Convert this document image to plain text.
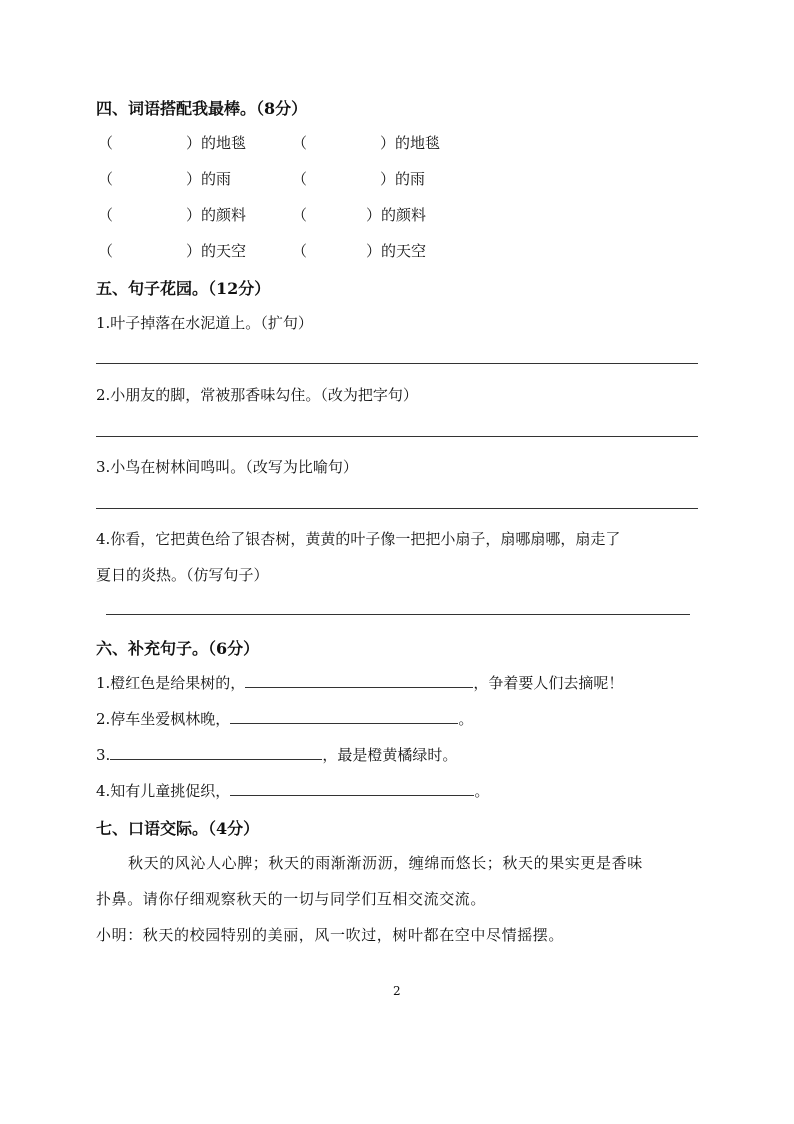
四、词语搭配我最棒。（8分）
（	）的地毯	（	）的地毯
（	）的雨	（	）的雨
（	）的颜料	（	）的颜料
（	）的天空	（	）的天空
五、句子花园。（12分）
1.叶子掉落在水泥道上。（扩句）
2.小朋友的脚，常被那香味勾住。（改为把字句）
3.小鸟在树林间鸣叫。（改写为比喻句）
4.你看，它把黄色给了银杏树，黄黄的叶子像一把把小扇子，扇哪扇哪，扇走了
夏日的炎热。（仿写句子）
六、补充句子。（6分）
1.橙红色是给果树的，	，争着要人们去摘呢！
2.停车坐爱枫林晚，	。
3.	，最是橙黄橘绿时。
4.知有儿童挑促织，	。
七、口语交际。（4分）
秋天的风沁人心脾；秋天的雨渐渐沥沥，缠绵而悠长；秋天的果实更是香味
扑鼻。请你仔细观察秋天的一切与同学们互相交流交流。
小明：秋天的校园特别的美丽，风一吹过，树叶都在空中尽情摇摆。
2
